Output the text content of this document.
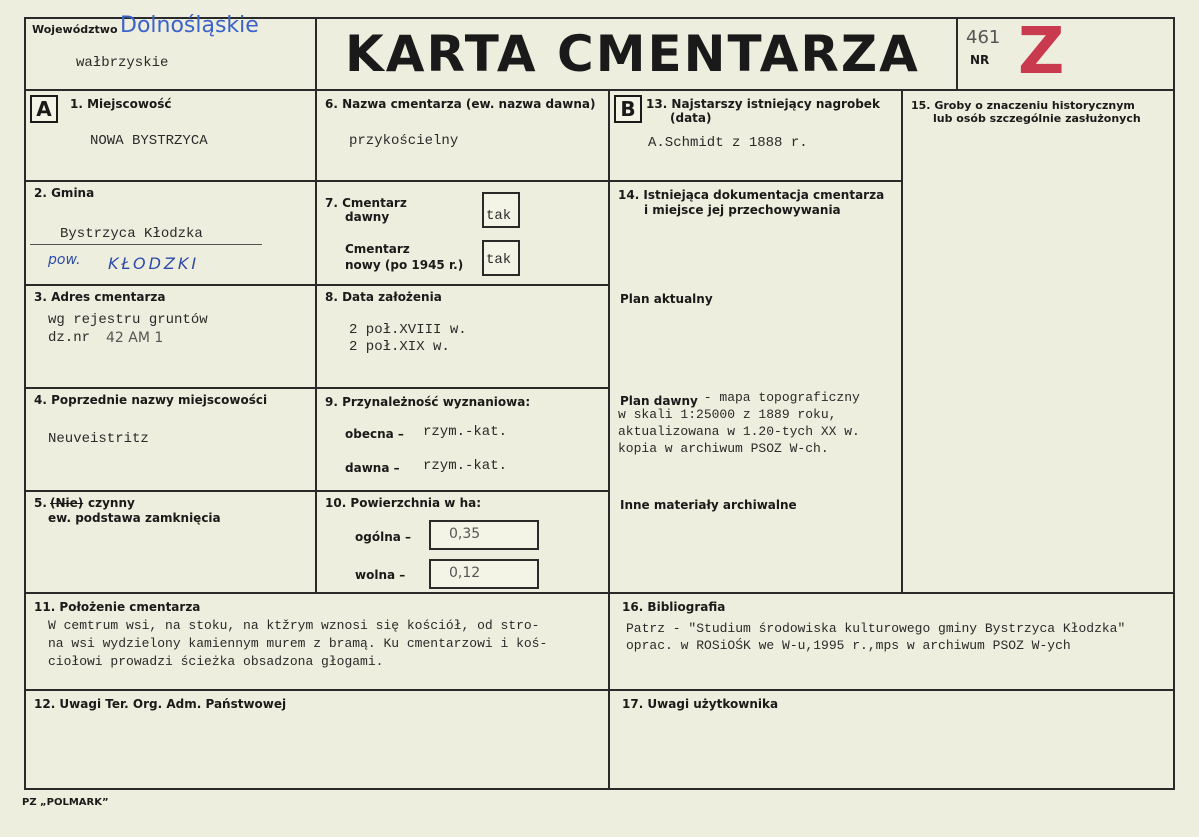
Województwo Dolnośląskie
wałbrzyskie	KARTA CMENTARZA	461
NR Z
A	1. Miejscowość
NOWA BYSTRZYCA
2. Gmina
Bystrzyca Kłodzka
pow. KŁODZKI
3. Adres cmentarza
wg rejestru gruntów
dz.nr 42 AM 1
4. Poprzednie nazwy miejscowości
Neuveistritz
5. (Nie) czynny
ew. podstawa zamknięcia
6. Nazwa cmentarza (ew. nazwa dawna)
przykościelny
7. Cmentarz
dawny	tak
Cmentarz
nowy (po 1945 r.) tak
8. Data założenia
2 poł.XVIII w.
2 poł.XIX w.
9. Przynależność wyznaniowa:
obecna – rzym.-kat.
dawna – rzym.-kat.
10. Powierzchnia w ha:
ogólna –	0,35
wolna –	0,12
B 13. Najstarszy istniejący nagrobek
(data)
A.Schmidt z 1888 r.
14. Istniejąca dokumentacja cmentarza
i miejsce jej przechowywania
Plan aktualny
Plan dawny
- mapa topograficzny
w skali 1:25000 z 1889 roku,
aktualizowana w 1.20-tych XX w.
kopia w archiwum PSOZ W-ch.
Inne materiały archiwalne
15. Groby o znaczeniu historycznym
lub osób szczególnie zasłużonych
11. Położenie cmentarza
W cemtrum wsi, na stoku, na ktžrym wznosi się kościół, od stro-
na wsi wydzielony kamiennym murem z bramą. Ku cmentarzowi i koś-
ciołowi prowadzi ścieżka obsadzona głogami.
16. Bibliografia
Patrz - "Studium środowiska kulturowego gminy Bystrzyca Kłodzka"
oprac. w ROSiOŚK we W-u,1995 r.,mps w archiwum PSOZ W-ych
12. Uwagi Ter. Org. Adm. Państwowej	17. Uwagi użytkownika
PZ „POLMARK”
